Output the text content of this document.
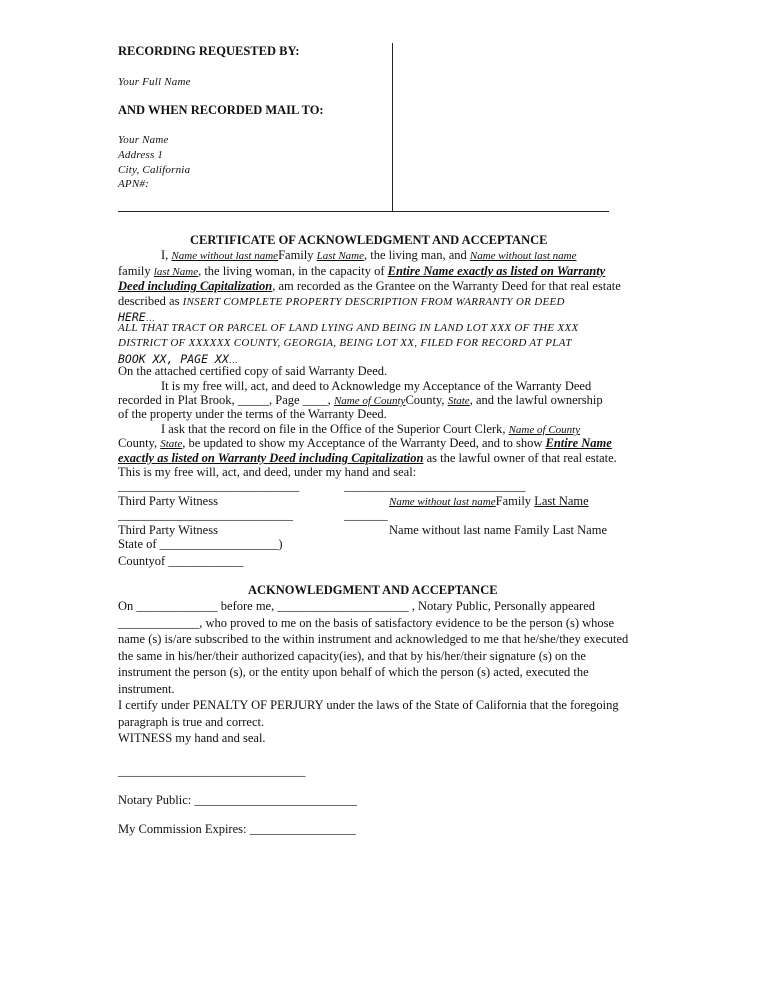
RECORDING REQUESTED BY:
Your Full Name
AND WHEN RECORDED MAIL TO:
Your Name
Address 1
City, California
APN#:
CERTIFICATE OF ACKNOWLEDGMENT AND ACCEPTANCE
I, Name without last nameFamily Last Name, the living man, and Name without last name
family last Name, the living woman, in the capacity of Entire Name exactly as listed on Warranty
Deed including Capitalization, am recorded as the Grantee on the Warranty Deed for that real estate
described as INSERT COMPLETE PROPERTY DESCRIPTION FROM WARRANTY OR DEED
HERE…
ALL THAT TRACT OR PARCEL OF LAND LYING AND BEING IN LAND LOT XXX OF THE XXX
DISTRICT OF XXXXXX COUNTY, GEORGIA, BEING LOT XX, FILED FOR RECORD AT PLAT
BOOK XX, PAGE XX…
On the attached certified copy of said Warranty Deed.
It is my free will, act, and deed to Acknowledge my Acceptance of the Warranty Deed
recorded in Plat Brook, _____, Page ____, Name of CountyCounty, State, and the lawful ownership
of the property under the terms of the Warranty Deed.
I ask that the record on file in the Office of the Superior Court Clerk, Name of County
County, State, be updated to show my Acceptance of the Warranty Deed, and to show Entire Name
exactly as listed on Warranty Deed including Capitalization as the lawful owner of that real estate.
This is my free will, act, and deed, under my hand and seal:
_____________________________	_____________________________
Third Party Witness	Name without last nameFamily Last Name
____________________________	_______
Third Party Witness	Name without last name Family Last Name
State of ___________________)
Countyof ____________
ACKNOWLEDGMENT AND ACCEPTANCE
On _____________ before me, _____________________ , Notary Public, Personally appeared
_____________, who proved to me on the basis of satisfactory evidence to be the person (s) whose
name (s) is/are subscribed to the within instrument and acknowledged to me that he/she/they executed
the same in his/her/their authorized capacity(ies), and that by his/her/their signature (s) on the
instrument the person (s), or the entity upon behalf of which the person (s) acted, executed the
instrument.
I certify under PENALTY OF PERJURY under the laws of the State of California that the foregoing
paragraph is true and correct.
WITNESS my hand and seal.
______________________________
Notary Public: __________________________
My Commission Expires: _________________
